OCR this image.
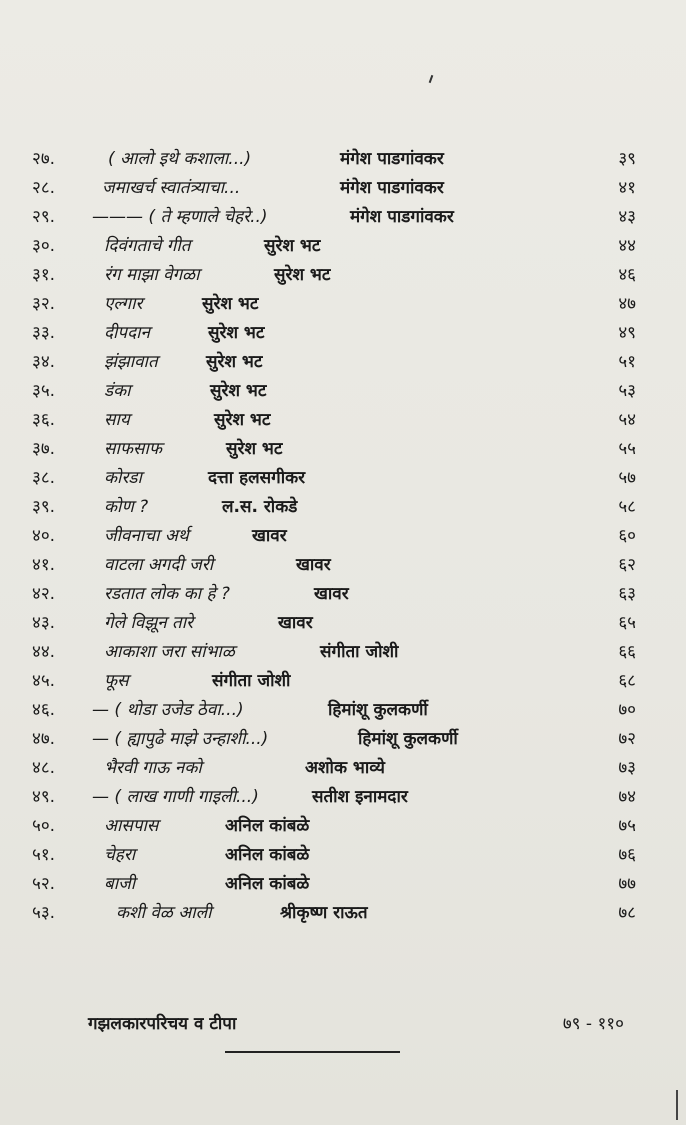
२७.	( आलो इथे कशाला...)	मंगेश पाडगांवकर	३९
२८.	जमाखर्च स्वातंत्र्याचा...	मंगेश पाडगांवकर	४१
२९. ——— ( ते म्हणाले चेहरे..)	मंगेश पाडगांवकर	४३
३०.	दिवंगताचे गीत	सुरेश भट	४४
३१.	रंग माझा वेगळा	सुरेश भट	४६
३२.	एल्गार	सुरेश भट	४७
३३.	दीपदान	सुरेश भट	४९
३४.	झंझावात	सुरेश भट	५१
३५.	डंका	सुरेश भट	५३
३६.	साय	सुरेश भट	५४
३७.	साफसाफ	सुरेश भट	५५
३८.	कोरडा	दत्ता हलसगीकर	५७
३९.	कोण ?	ल.स. रोकडे	५८
४०.	जीवनाचा अर्थ	खावर	६०
४१.	वाटला अगदी जरी	खावर	६२
४२.	रडतात लोक का हे ?	खावर	६३
४३.	गेले विझून तारे	खावर	६५
४४.	आकाशा जरा सांभाळ	संगीता जोशी	६६
४५.	फूस	संगीता जोशी	६८
४६. — ( थोडा उजेड ठेवा...)	हिमांशू कुलकर्णी	७०
४७. — ( ह्यापुढे माझे उन्हाशी...)	हिमांशू कुलकर्णी	७२
४८.	भैरवी गाऊ नको	अशोक भाव्ये	७३
४९. — ( लाख गाणी गाइली...)	सतीश इनामदार	७४
५०.	आसपास	अनिल कांबळे	७५
५१.	चेहरा	अनिल कांबळे	७६
५२.	बाजी	अनिल कांबळे	७७
५३.	कशी वेळ आली	श्रीकृष्ण राऊत	७८
गझलकारपरिचय व टीपा	७९ - ११०
